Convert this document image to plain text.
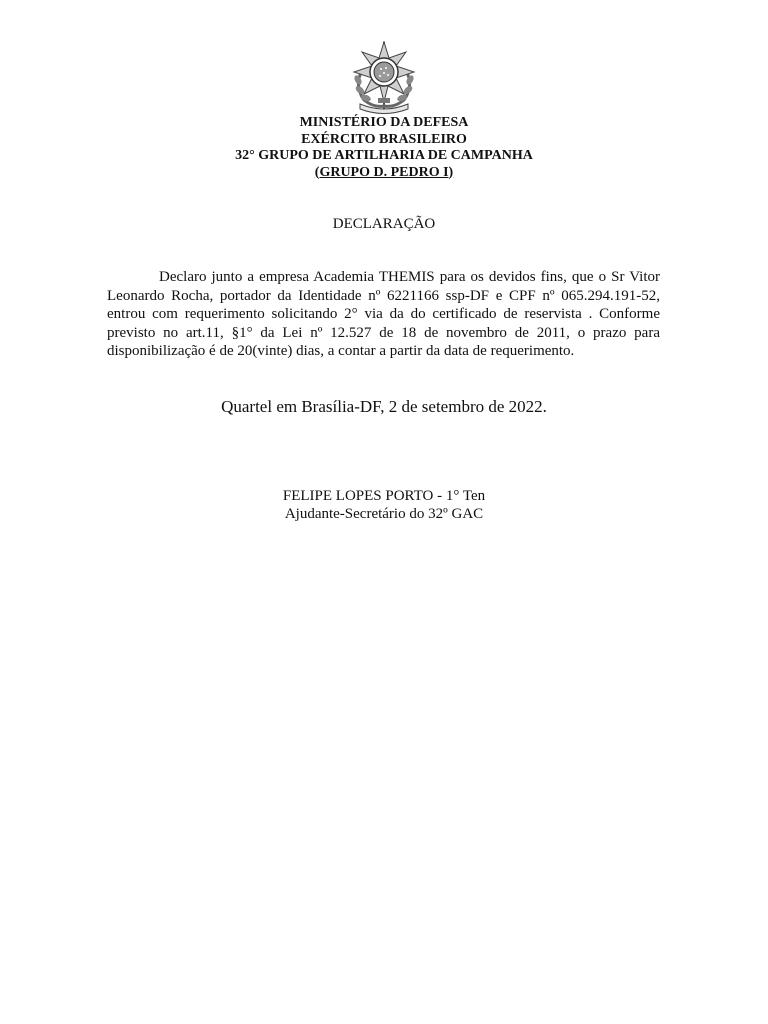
MINISTÉRIO DA DEFESA
EXÉRCITO BRASILEIRO
32° GRUPO DE ARTILHARIA DE CAMPANHA
(GRUPO D. PEDRO I)
DECLARAÇÃO

Declaro junto a empresa Academia THEMIS para os devidos fins, que o Sr Vitor Leonardo Rocha, portador da Identidade nº 6221166 ssp-DF e CPF nº 065.294.191-52, entrou com requerimento solicitando 2° via da do certificado de reservista . Conforme previsto no art.11, §1° da Lei nº 12.527 de 18 de novembro de 2011, o prazo para disponibilização é de 20(vinte) dias, a contar a partir da data de requerimento.

Quartel em Brasília-DF, 2 de setembro de 2022.
FELIPE LOPES PORTO - 1° Ten
Ajudante-Secretário do 32º GAC
